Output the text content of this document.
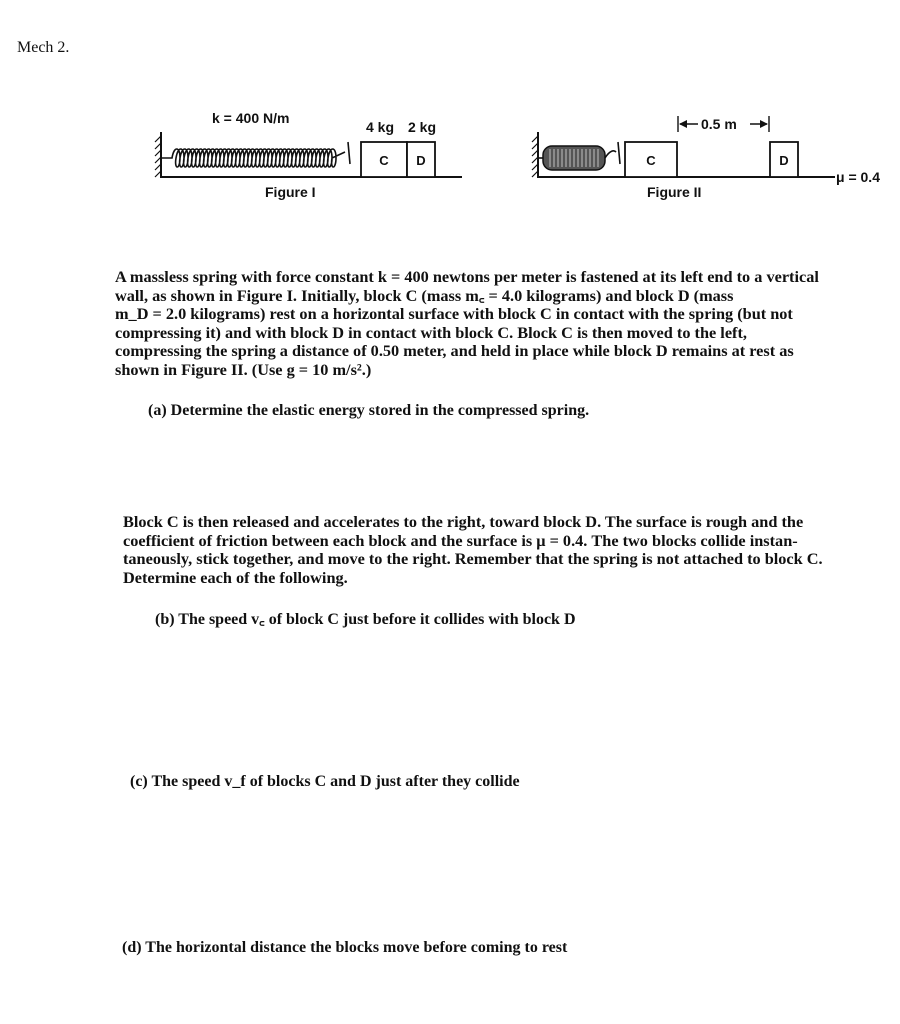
Mech 2.
C D
k = 400 N/m
4 kg 2 kg
Figure I
C	D
0.5 m
μ = 0.4
Figure II
A massless spring with force constant k = 400 newtons per meter is fastened at its left end to a vertical
wall, as shown in Figure I. Initially, block C (mass m꜀ = 4.0 kilograms) and block D (mass
m_D = 2.0 kilograms) rest on a horizontal surface with block C in contact with the spring (but not
compressing it) and with block D in contact with block C. Block C is then moved to the left,
compressing the spring a distance of 0.50 meter, and held in place while block D remains at rest as
shown in Figure II. (Use g = 10 m/s².)
(a) Determine the elastic energy stored in the compressed spring.
Block C is then released and accelerates to the right, toward block D. The surface is rough and the
coefficient of friction between each block and the surface is μ = 0.4. The two blocks collide instan-
taneously, stick together, and move to the right. Remember that the spring is not attached to block C.
Determine each of the following.
(b) The speed v꜀ of block C just before it collides with block D
(c) The speed v_f of blocks C and D just after they collide
(d) The horizontal distance the blocks move before coming to rest
